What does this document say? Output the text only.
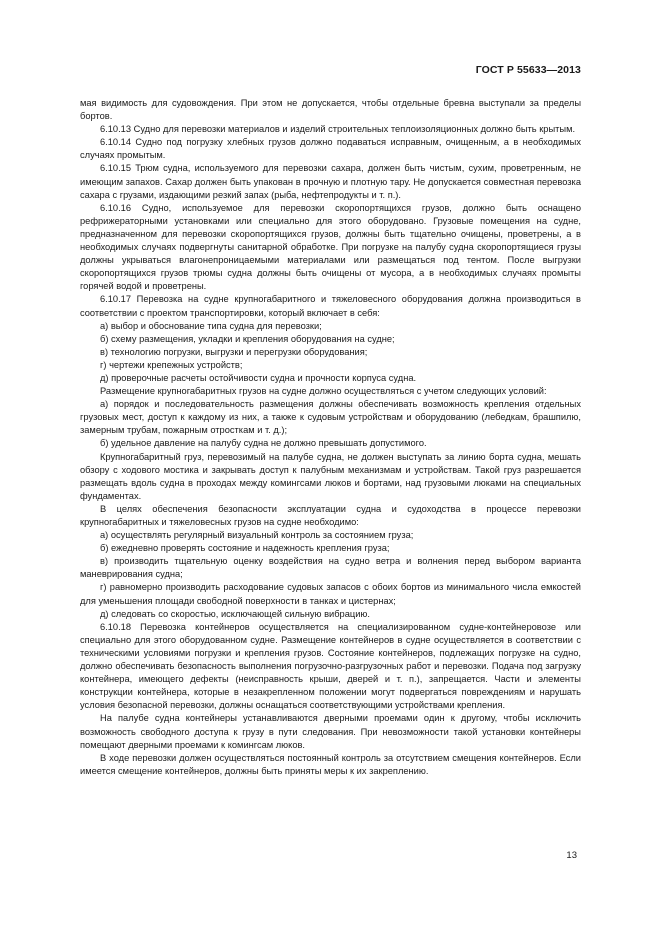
ГОСТ Р 55633—2013

мая видимость для судовождения. При этом не допускается, чтобы отдельные бревна выступали за пределы бортов.

6.10.13 Судно для перевозки материалов и изделий строительных теплоизоляционных должно быть крытым.

6.10.14 Судно под погрузку хлебных грузов должно подаваться исправным, очищенным, а в необходимых случаях промытым.

6.10.15 Трюм судна, используемого для перевозки сахара, должен быть чистым, сухим, проветренным, не имеющим запахов. Сахар должен быть упакован в прочную и плотную тару. Не допускается совместная перевозка сахара с грузами, издающими резкий запах (рыба, нефтепродукты и т. п.).

6.10.16 Судно, используемое для перевозки скоропортящихся грузов, должно быть оснащено рефрижераторными установками или специально для этого оборудовано. Грузовые помещения на судне, предназначенном для перевозки скоропортящихся грузов, должны быть тщательно очищены, проветрены, а в необходимых случаях подвергнуты санитарной обработке. При погрузке на палубу судна скоропортящиеся грузы должны укрываться влагонепроницаемыми материалами или размещаться под тентом. После выгрузки скоропортящихся грузов трюмы судна должны быть очищены от мусора, а в необходимых случаях промыты горячей водой и проветрены.

6.10.17 Перевозка на судне крупногабаритного и тяжеловесного оборудования должна производиться в соответствии с проектом транспортировки, который включает в себя:

а) выбор и обоснование типа судна для перевозки;

б) схему размещения, укладки и крепления оборудования на судне;

в) технологию погрузки, выгрузки и перегрузки оборудования;

г) чертежи крепежных устройств;

д) проверочные расчеты остойчивости судна и прочности корпуса судна.

Размещение крупногабаритных грузов на судне должно осуществляться с учетом следующих условий:

а) порядок и последовательность размещения должны обеспечивать возможность крепления отдельных грузовых мест, доступ к каждому из них, а также к судовым устройствам и оборудованию (лебедкам, брашпилю, замерным трубам, пожарным отросткам и т. д.);

б) удельное давление на палубу судна не должно превышать допустимого.

Крупногабаритный груз, перевозимый на палубе судна, не должен выступать за линию борта судна, мешать обзору с ходового мостика и закрывать доступ к палубным механизмам и устройствам. Такой груз разрешается размещать вдоль судна в проходах между комингсами люков и бортами, над грузовыми люками на специальных фундаментах.

В целях обеспечения безопасности эксплуатации судна и судоходства в процессе перевозки крупногабаритных и тяжеловесных грузов на судне необходимо:

а) осуществлять регулярный визуальный контроль за состоянием груза;

б) ежедневно проверять состояние и надежность крепления груза;

в) производить тщательную оценку воздействия на судно ветра и волнения перед выбором варианта маневрирования судна;

г) равномерно производить расходование судовых запасов с обоих бортов из минимального числа емкостей для уменьшения площади свободной поверхности в танках и цистернах;

д) следовать со скоростью, исключающей сильную вибрацию.

6.10.18 Перевозка контейнеров осуществляется на специализированном судне-контейнеровозе или специально для этого оборудованном судне. Размещение контейнеров в судне осуществляется в соответствии с техническими условиями погрузки и крепления грузов. Состояние контейнеров, подлежащих погрузке на судно, должно обеспечивать безопасность выполнения погрузочно-разгрузочных работ и перевозки. Подача под загрузку контейнера, имеющего дефекты (неисправность крыши, дверей и т. п.), запрещается. Части и элементы конструкции контейнера, которые в незакрепленном положении могут подвергаться повреждениям и нарушать условия безопасной перевозки, должны оснащаться соответствующими устройствами крепления.

На палубе судна контейнеры устанавливаются дверными проемами один к другому, чтобы исключить возможность свободного доступа к грузу в пути следования. При невозможности такой установки контейнеры помещают дверными проемами к комингсам люков.

В ходе перевозки должен осуществляться постоянный контроль за отсутствием смещения контейнеров. Если имеется смещение контейнеров, должны быть приняты меры к их закреплению.

13
